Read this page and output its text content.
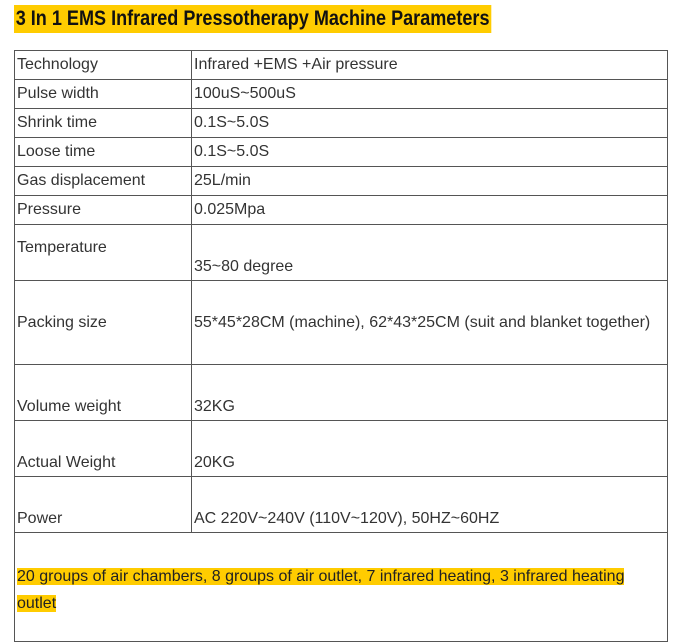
3 In 1 EMS Infrared Pressotherapy Machine Parameters
Technology	Infrared +EMS +Air pressure
Pulse width	100uS~500uS
Shrink time	0.1S~5.0S
Loose time	0.1S~5.0S
Gas displacement	25L/min
Pressure	0.025Mpa
Temperature	35~80 degree
Packing size	55*45*28CM (machine), 62*43*25CM (suit and blanket together)
Volume weight	32KG
Actual Weight	20KG
Power	AC 220V~240V (110V~120V), 50HZ~60HZ
20 groups of air chambers, 8 groups of air outlet, 7 infrared heating, 3 infrared heating outlet	
